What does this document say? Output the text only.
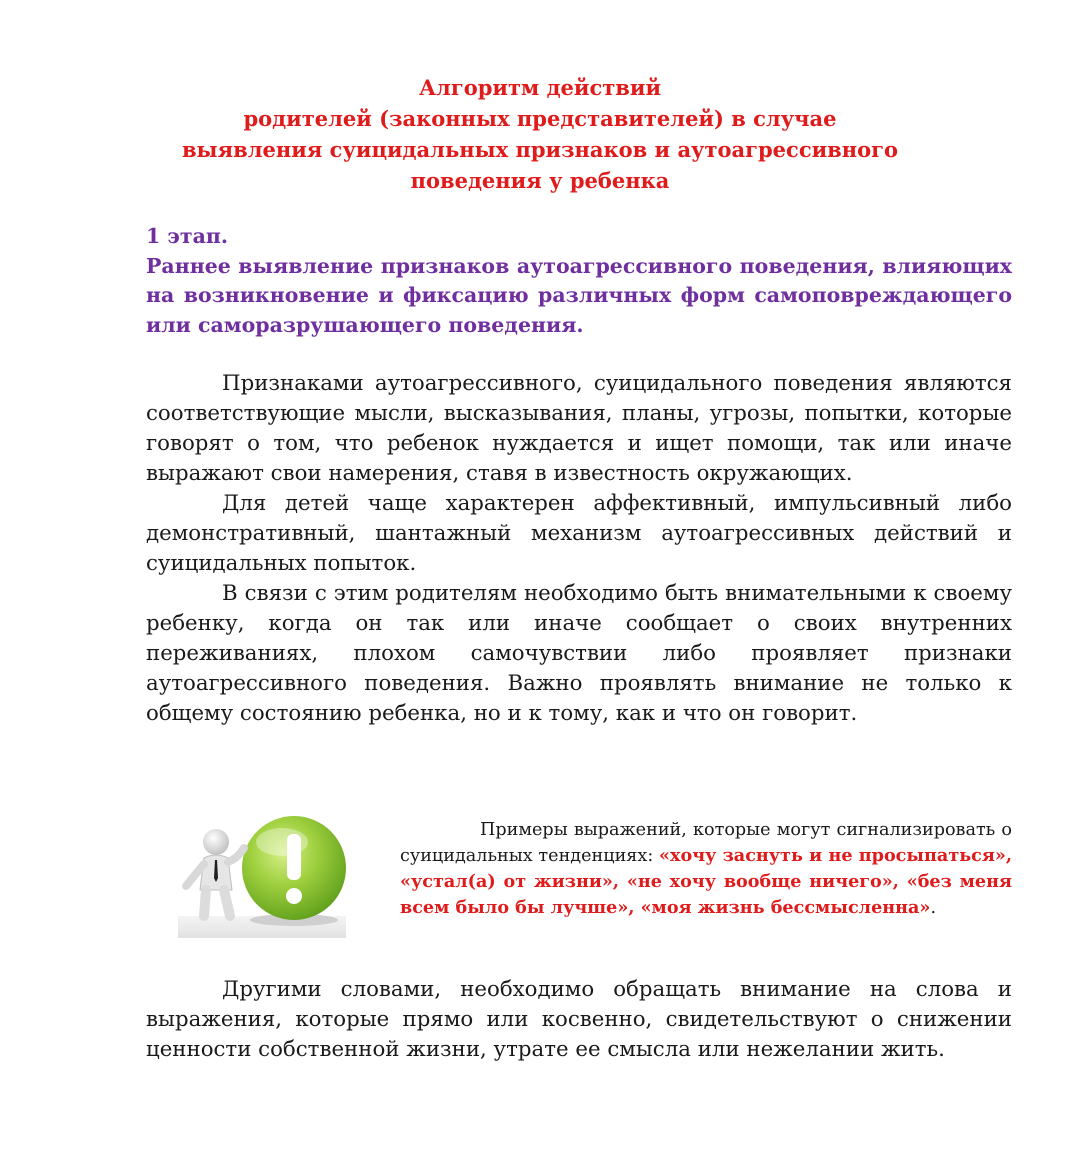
Алгоритм действий
родителей (законных представителей) в случае
выявления суицидальных признаков и аутоагрессивного
поведения у ребенка
1 этап.
Раннее выявление признаков аутоагрессивного поведения, влияющих на возникновение и фиксацию различных форм самоповреждающего или саморазрушающего поведения.

Признаками аутоагрессивного, суицидального поведения являются соответствующие мысли, высказывания, планы, угрозы, попытки, которые говорят о том, что ребенок нуждается и ищет помощи, так или иначе выражают свои намерения, ставя в известность окружающих.

Для детей чаще характерен аффективный, импульсивный либо демонстративный, шантажный механизм аутоагрессивных действий и суицидальных попыток.

В связи с этим родителям необходимо быть внимательными к своему ребенку, когда он так или иначе сообщает о своих внутренних переживаниях, плохом самочувствии либо проявляет признаки аутоагрессивного поведения. Важно проявлять внимание не только к общему состоянию ребенка, но и к тому, как и что он говорит.

Примеры выражений, которые могут сигнализировать о суицидальных тенденциях: «хочу заснуть и не просыпаться», «устал(а) от жизни», «не хочу вообще ничего», «без меня всем было бы лучше», «моя жизнь бессмысленна».

Другими словами, необходимо обращать внимание на слова и выражения, которые прямо или косвенно, свидетельствуют о снижении ценности собственной жизни, утрате ее смысла или нежелании жить.
